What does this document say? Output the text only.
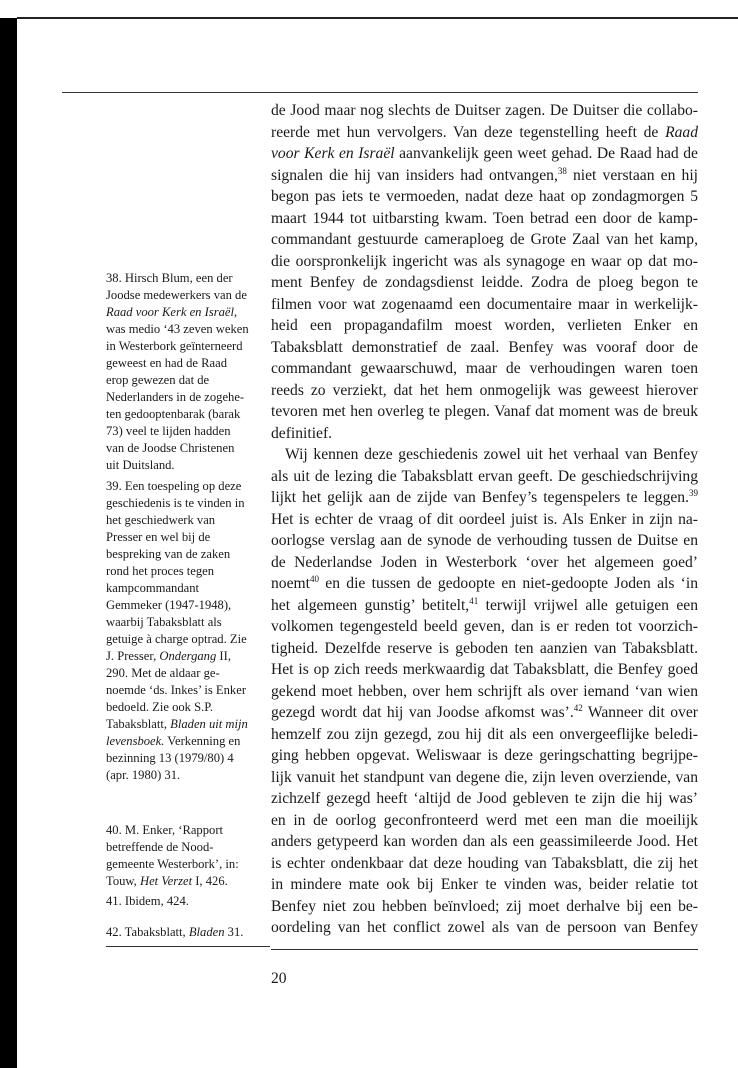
de Jood maar nog slechts de Duitser zagen. De Duitser die collabo-
reerde met hun vervolgers. Van deze tegenstelling heeft de Raad
voor Kerk en Israël aanvankelijk geen weet gehad. De Raad had de
signalen die hij van insiders had ontvangen,$^{38}$ niet verstaan en hij
begon pas iets te vermoeden, nadat deze haat op zondagmorgen 5
maart 1944 tot uitbarsting kwam. Toen betrad een door de kamp-
commandant gestuurde cameraploeg de Grote Zaal van het kamp,
die oorspronkelijk ingericht was als synagoge en waar op dat mo-
ment Benfey de zondagsdienst leidde. Zodra de ploeg begon te
filmen voor wat zogenaamd een documentaire maar in werkelijk-
heid een propagandafilm moest worden, verlieten Enker en
Tabaksblatt demonstratief de zaal. Benfey was vooraf door de
commandant gewaarschuwd, maar de verhoudingen waren toen
reeds zo verziekt, dat het hem onmogelijk was geweest hierover
tevoren met hen overleg te plegen. Vanaf dat moment was de breuk
definitief.
Wij kennen deze geschiedenis zowel uit het verhaal van Benfey
als uit de lezing die Tabaksblatt ervan geeft. De geschiedschrijving
lijkt het gelijk aan de zijde van Benfey’s tegenspelers te leggen.$^{39}$
Het is echter de vraag of dit oordeel juist is. Als Enker in zijn na-
oorlogse verslag aan de synode de verhouding tussen de Duitse en
de Nederlandse Joden in Westerbork ‘over het algemeen goed’
noemt$^{40}$ en die tussen de gedoopte en niet-gedoopte Joden als ‘in
het algemeen gunstig’ betitelt,$^{41}$ terwijl vrijwel alle getuigen een
volkomen tegengesteld beeld geven, dan is er reden tot voorzich-
tigheid. Dezelfde reserve is geboden ten aanzien van Tabaksblatt.
Het is op zich reeds merkwaardig dat Tabaksblatt, die Benfey goed
gekend moet hebben, over hem schrijft als over iemand ‘van wien
gezegd wordt dat hij van Joodse afkomst was’.$^{42}$ Wanneer dit over
hemzelf zou zijn gezegd, zou hij dit als een onvergeeflijke beledi-
ging hebben opgevat. Weliswaar is deze geringschatting begrijpe-
lijk vanuit het standpunt van degene die, zijn leven overziende, van
zichzelf gezegd heeft ‘altijd de Jood gebleven te zijn die hij was’
en in de oorlog geconfronteerd werd met een man die moeilijk
anders getypeerd kan worden dan als een geassimileerde Jood. Het
is echter ondenkbaar dat deze houding van Tabaksblatt, die zij het
in mindere mate ook bij Enker te vinden was, beider relatie tot
Benfey niet zou hebben beïnvloed; zij moet derhalve bij een be-
oordeling van het conflict zowel als van de persoon van Benfey
38. Hirsch Blum, een der
Joodse medewerkers van de
Raad voor Kerk en Israël,
was medio ‘43 zeven weken
in Westerbork geïnterneerd
geweest en had de Raad
erop gewezen dat de
Nederlanders in de zogehe-
ten gedooptenbarak (barak
73) veel te lijden hadden
van de Joodse Christenen
uit Duitsland.
39. Een toespeling op deze
geschiedenis is te vinden in
het geschiedwerk van
Presser en wel bij de
bespreking van de zaken
rond het proces tegen
kampcommandant
Gemmeker (1947-1948),
waarbij Tabaksblatt als
getuige à charge optrad. Zie
J. Presser, Ondergang II,
290. Met de aldaar ge-
noemde ‘ds. Inkes’ is Enker
bedoeld. Zie ook S.P.
Tabaksblatt, Bladen uit mijn
levensboek. Verkenning en
bezinning 13 (1979/80) 4
(apr. 1980) 31.
40. M. Enker, ‘Rapport
betreffende de Nood-
gemeente Westerbork’, in:
Touw, Het Verzet I, 426.
41. Ibidem, 424.
42. Tabaksblatt, Bladen 31.
20
